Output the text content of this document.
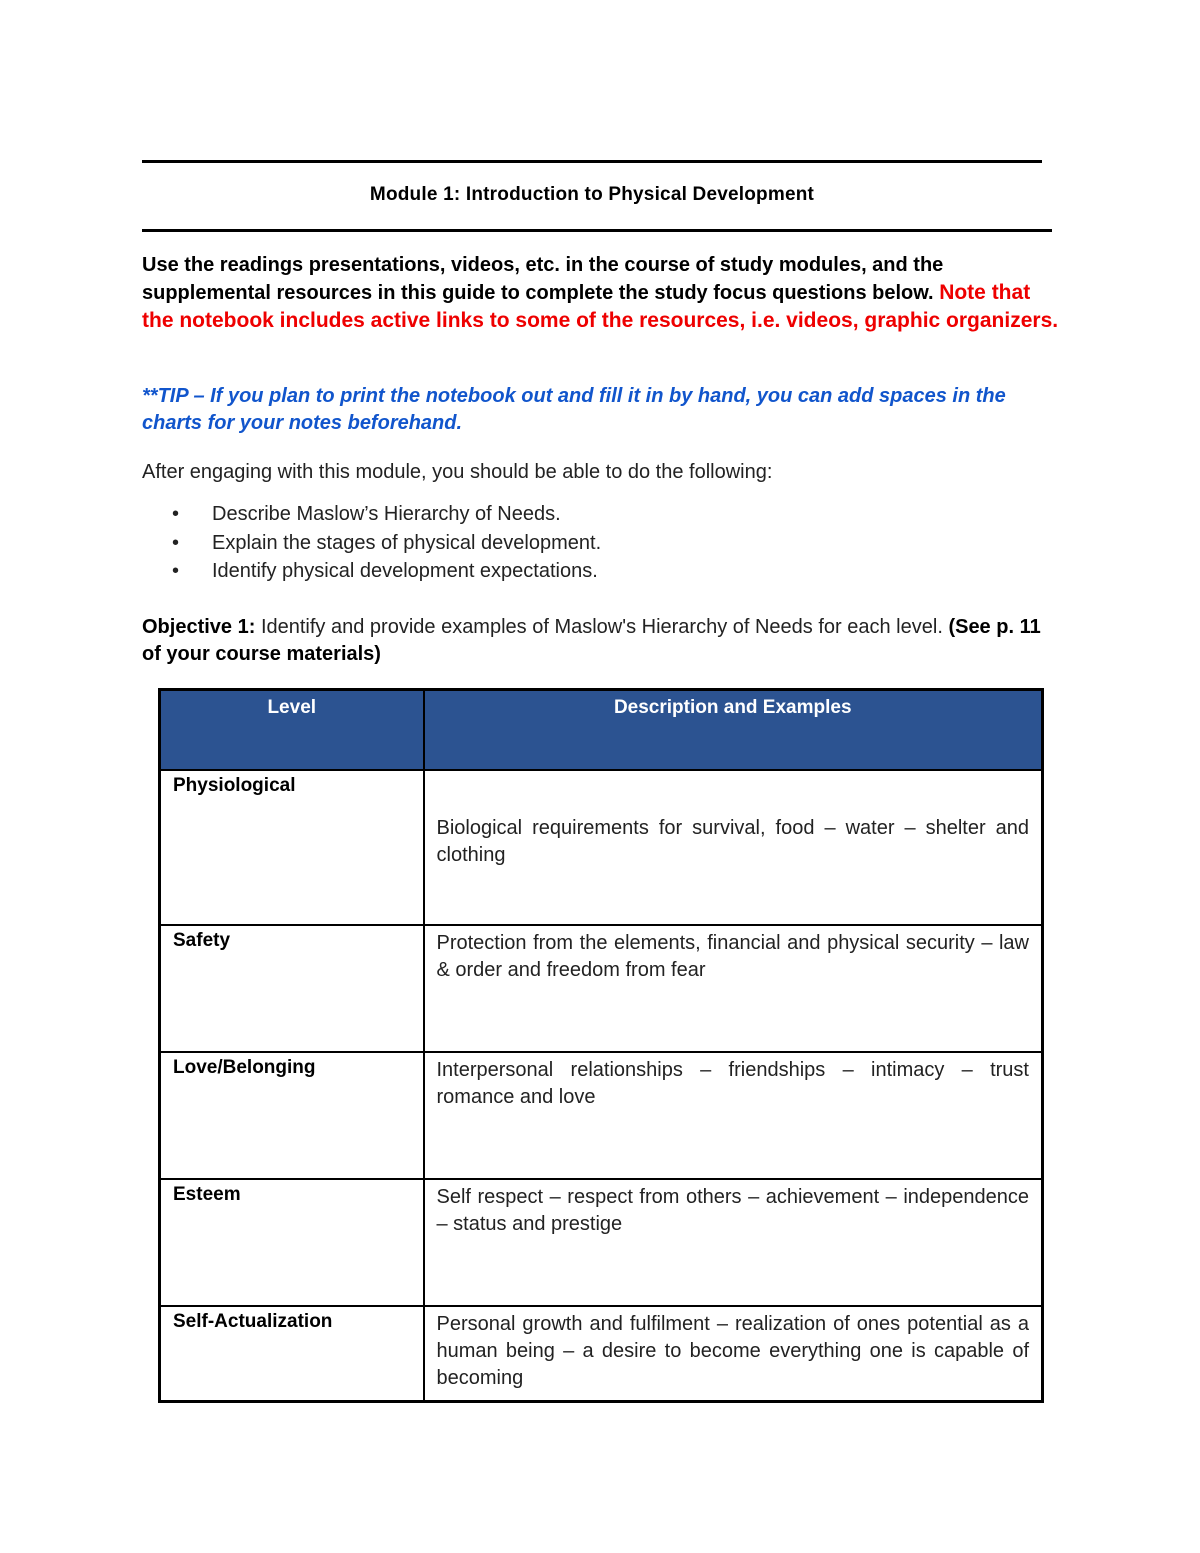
Module 1: Introduction to Physical Development
Use the readings presentations, videos, etc. in the course of study modules, and the supplemental resources in this guide to complete the study focus questions below. Note that the notebook includes active links to some of the resources, i.e. videos, graphic organizers.
**TIP – If you plan to print the notebook out and fill it in by hand, you can add spaces in the charts for your notes beforehand.
After engaging with this module, you should be able to do the following:
• Describe Maslow’s Hierarchy of Needs.
• Explain the stages of physical development.
• Identify physical development expectations.
Objective 1: Identify and provide examples of Maslow's Hierarchy of Needs for each level. (See p. 11 of your course materials)
Level	Description and Examples
Physiological	Biological requirements for survival, food – water – shelter and clothing
Safety	Protection from the elements, financial and physical security – law & order and freedom from fear
Love/Belonging	Interpersonal relationships – friendships – intimacy – trust romance and love
Esteem	Self respect – respect from others – achievement – independence – status and prestige
Self-Actualization	Personal growth and fulfilment – realization of ones potential as a human being – a desire to become everything one is capable of becoming
